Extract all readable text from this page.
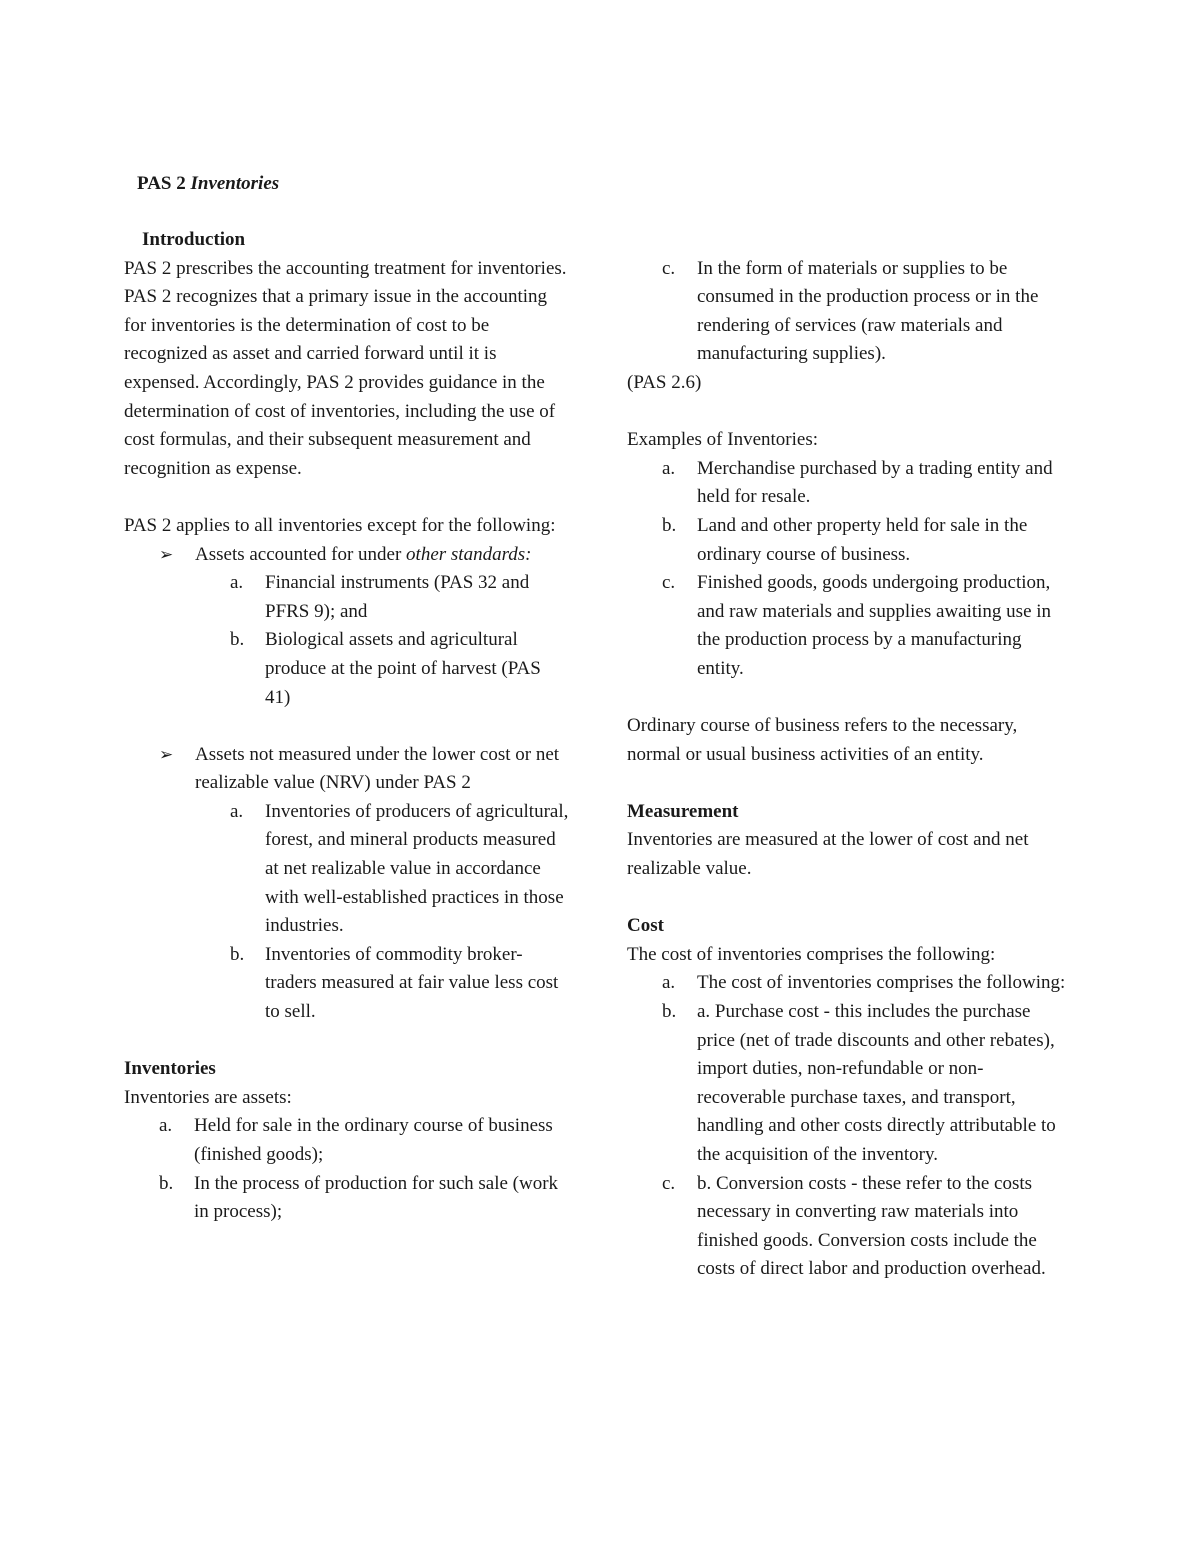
PAS 2 Inventories

Introduction

PAS 2 prescribes the accounting treatment for inventories. PAS 2 recognizes that a primary issue in the accounting for inventories is the determination of cost to be recognized as asset and carried forward until it is expensed. Accordingly, PAS 2 provides guidance in the determination of cost of inventories, including the use of cost formulas, and their subsequent measurement and recognition as expense.

PAS 2 applies to all inventories except for the following:

➢ Assets accounted for under other standards:
a. Financial instruments (PAS 32 and PFRS 9); and
b. Biological assets and agricultural produce at the point of harvest (PAS 41)
➢ Assets not measured under the lower cost or net realizable value (NRV) under PAS 2
a. Inventories of producers of agricultural, forest, and mineral products measured at net realizable value in accordance with well-established practices in those industries.
b. Inventories of commodity broker-traders measured at fair value less cost to sell.

Inventories

Inventories are assets:

a. Held for sale in the ordinary course of business (finished goods);
b. In the process of production for such sale (work in process);
c. In the form of materials or supplies to be consumed in the production process or in the rendering of services (raw materials and manufacturing supplies).

(PAS 2.6)

Examples of Inventories:

a. Merchandise purchased by a trading entity and held for resale.
b. Land and other property held for sale in the ordinary course of business.
c. Finished goods, goods undergoing production, and raw materials and supplies awaiting use in the production process by a manufacturing entity.

Ordinary course of business refers to the necessary, normal or usual business activities of an entity.

Measurement

Inventories are measured at the lower of cost and net realizable value.

Cost

The cost of inventories comprises the following:

a. The cost of inventories comprises the following:
b. a. Purchase cost - this includes the purchase price (net of trade discounts and other rebates), import duties, non-refundable or non-recoverable purchase taxes, and transport, handling and other costs directly attributable to the acquisition of the inventory.
c. b. Conversion costs - these refer to the costs necessary in converting raw materials into finished goods. Conversion costs include the costs of direct labor and production overhead.
